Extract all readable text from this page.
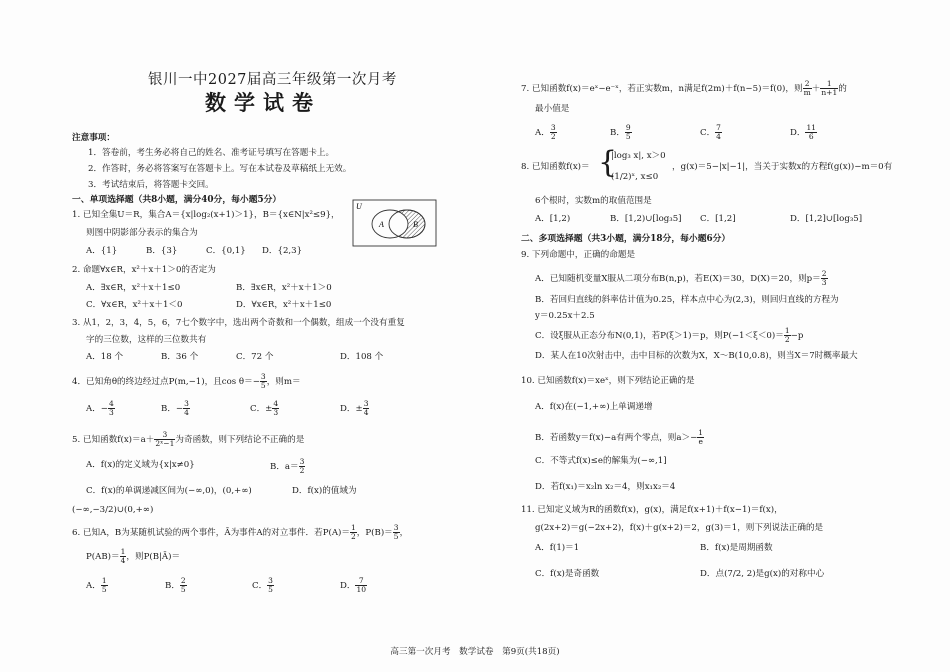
银川一中2027届高三年级第一次月考
数学试卷
注意事项：
1．答卷前，考生务必将自己的姓名、准考证号填写在答题卡上。
2．作答时，务必将答案写在答题卡上。写在本试卷及草稿纸上无效。
3．考试结束后，将答题卡交回。
一、单项选择题（共8小题，满分40分，每小题5分）
1. 已知全集U＝R，集合A＝{x|log₂(x+1)＞1}，B＝{x∈N|x²≤9}，
则图中阴影部分表示的集合为
A．{1}	B．{3}	C．{0,1} D．{2,3}
U
A	B
2. 命题∀x∈R，x²＋x＋1＞0的否定为
A．∃x∈R，x²＋x＋1≤0	B．∃x∈R，x²＋x＋1＞0
C．∀x∈R，x²＋x＋1＜0	D．∀x∈R，x²＋x＋1≤0
3. 从1，2，3，4，5，6，7七个数字中，选出两个奇数和一个偶数，组成一个没有重复
字的三位数，这样的三位数共有
A．18 个	B．36 个	C．72 个	D．108 个
4．已知角θ的终边经过点P(m,−1)，且$\cos \theta=- \frac{3}{5}$ ，则m＝
A．− $\frac{4}{3}$	B．− $\frac{3}{4}$	C．± $\frac{4}{3}$	D．± $\frac{3}{4}$
5. 已知函数$f(x)=a+ \frac{3}{\text{2ˣ−1}}$ 为奇函数，则下列结论不正确的是
A．f(x)的定义域为{x|x≠0}	B．$a= \frac{3}{2}$
C．f(x)的单调递减区间为(−∞,0)，(0,+∞)	D．f(x)的值域为
(−∞,−3/2)∪(0,+∞)
6. 已知A，B为某随机试验的两个事件，Ā为事件A的对立事件．若$P(A)= \frac{1}{2}$ ，$P(B)= \frac{3}{5}$ ，
$P(AB)= \frac{1}{4}$ ，则P(B|Ā)＝
A． $\frac{1}{5}$	B． $\frac{2}{5}$	C． $\frac{3}{5}$	D． $\frac{7}{10}$
7. 已知函数f(x)＝eˣ−e⁻ˣ，若正实数m，n满足f(2m)＋f(n−5)＝f(0)，则 $\frac{2}{m} + \frac{1}{n+1}$ 的
最小值是
A． $\frac{3}{2}$	B． $\frac{9}{5}$	C． $\frac{7}{4}$	D． $\frac{11}{6}$
8. 已知函数f(x)＝ {
|log₃ x|, x＞0
(1/2)ˣ, x≤0
，g(x)＝5−|x|−1|，当关于实数x的方程f(g(x))−m＝0有
6个根时，实数m的取值范围是
A．[1,2)	B．[1,2)∪[log₃5] C．[1,2]	D．[1,2]∪[log₃5]
二、多项选择题（共3小题，满分18分，每小题6分）
9. 下列命题中，正确的命题是
A．已知随机变量X服从二项分布B(n,p)，若E(X)＝30，D(X)＝20，则$p= \frac{2}{3}$
B．若回归直线的斜率估计值为0.25，样本点中心为(2,3)，则回归直线的方程为
y＝0.25x＋2.5
C．设ξ服从正态分布N(0,1)，若P(ξ＞1)＝p，则$P(-1<\xi<0)= \frac{1}{2} -p$
D．某人在10次射击中，击中目标的次数为X，X～B(10,0.8)，则当X＝7时概率最大
10. 已知函数f(x)＝xeˣ，则下列结论正确的是
A．f(x)在(−1,+∞)上单调递增
B．若函数y＝f(x)−a有两个零点，则$a>- \frac{1}{e}$
C．不等式f(x)≤e的解集为(−∞,1]
D．若f(x₁)＝x₂ln x₂＝4，则x₁x₂＝4
11. 已知定义域为R的函数f(x)，g(x)，满足f(x+1)＋f(x−1)＝f(x)，
g(2x+2)＝g(−2x+2)，f(x)＋g(x+2)＝2，g(3)＝1，则下列说法正确的是
A．f(1)＝1	B．f(x)是周期函数
C．f(x)是奇函数	D．点(7/2, 2)是g(x)的对称中心
高三第一次月考　数学试卷　第9页(共18页)
